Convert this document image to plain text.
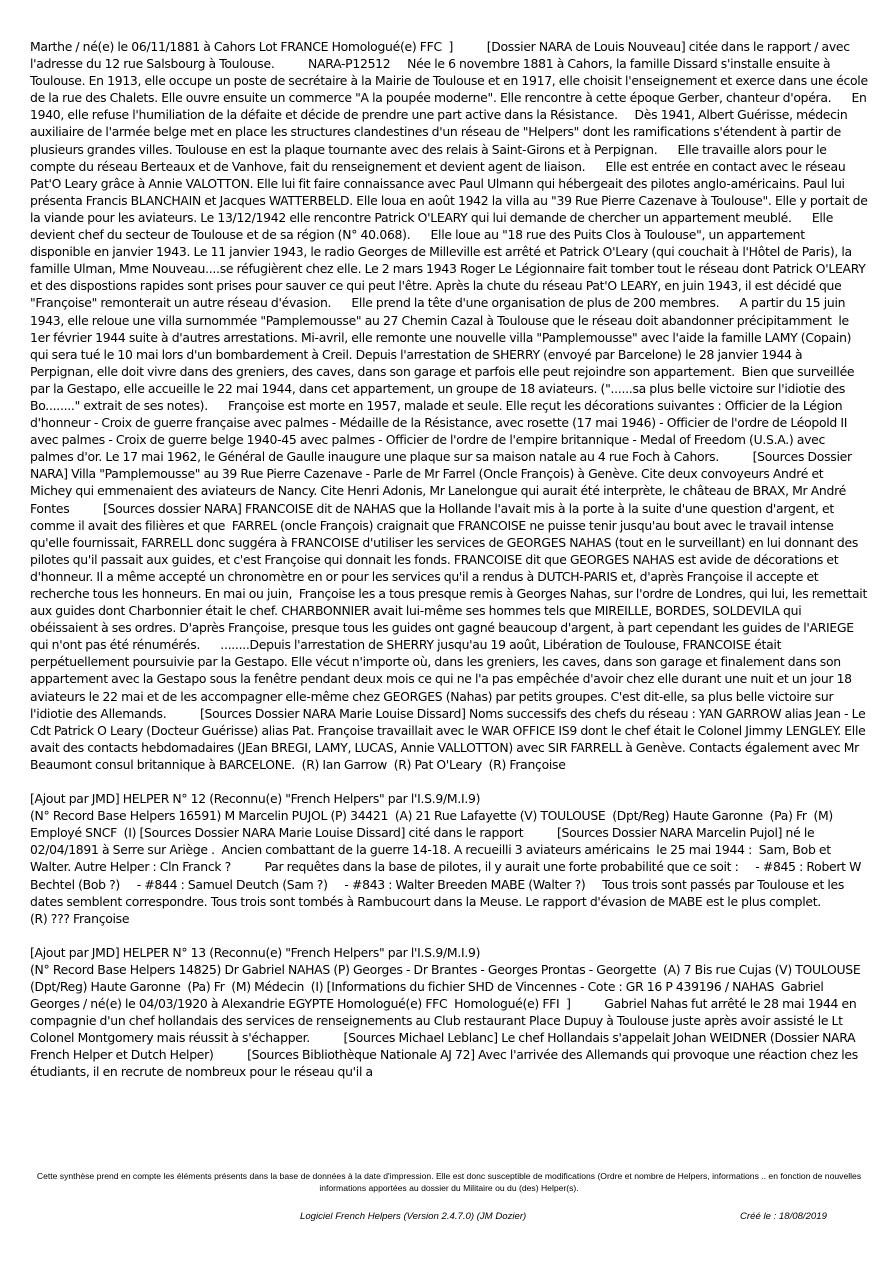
Marthe / né(e) le 06/11/1881 à Cahors Lot FRANCE Homologué(e) FFC  ]          [Dossier NARA de Louis Nouveau] citée dans le rapport / avec l'adresse du 12 rue Salsbourg à Toulouse.          NARA-P12512     Née le 6 novembre 1881 à Cahors, la famille Dissard s'installe ensuite à Toulouse. En 1913, elle occupe un poste de secrétaire à la Mairie de Toulouse et en 1917, elle choisit l'enseignement et exerce dans une école de la rue des Chalets. Elle ouvre ensuite un commerce "A la poupée moderne". Elle rencontre à cette époque Gerber, chanteur d'opéra.      En 1940, elle refuse l'humiliation de la défaite et décide de prendre une part active dans la Résistance.     Dès 1941, Albert Guérisse, médecin auxiliaire de l'armée belge met en place les structures clandestines d'un réseau de "Helpers" dont les ramifications s'étendent à partir de plusieurs grandes villes. Toulouse en est la plaque tournante avec des relais à Saint-Girons et à Perpignan.      Elle travaille alors pour le compte du réseau Berteaux et de Vanhove, fait du renseignement et devient agent de liaison.      Elle est entrée en contact avec le réseau Pat'O Leary grâce à Annie VALOTTON. Elle lui fit faire connaissance avec Paul Ulmann qui hébergeait des pilotes anglo-américains. Paul lui présenta Francis BLANCHAIN et Jacques WATTERBELD. Elle loua en août 1942 la villa au "39 Rue Pierre Cazenave à Toulouse". Elle y portait de la viande pour les aviateurs. Le 13/12/1942 elle rencontre Patrick O'LEARY qui lui demande de chercher un appartement meublé.      Elle devient chef du secteur de Toulouse et de sa région (N° 40.068).      Elle loue au "18 rue des Puits Clos à Toulouse", un appartement disponible en janvier 1943. Le 11 janvier 1943, le radio Georges de Milleville est arrêté et Patrick O'Leary (qui couchait à l'Hôtel de Paris), la famille Ulman, Mme Nouveau....se réfugièrent chez elle. Le 2 mars 1943 Roger Le Légionnaire fait tomber tout le réseau dont Patrick O'LEARY et des dispostions rapides sont prises pour sauver ce qui peut l'être. Après la chute du réseau Pat'O LEARY, en juin 1943, il est décidé que "Françoise" remonterait un autre réseau d'évasion.      Elle prend la tête d'une organisation de plus de 200 membres.      A partir du 15 juin 1943, elle reloue une villa surnommée "Pamplemousse" au 27 Chemin Cazal à Toulouse que le réseau doit abandonner précipitamment  le 1er février 1944 suite à d'autres arrestations. Mi-avril, elle remonte une nouvelle villa "Pamplemousse" avec l'aide la famille LAMY (Copain) qui sera tué le 10 mai lors d'un bombardement à Creil. Depuis l'arrestation de SHERRY (envoyé par Barcelone) le 28 janvier 1944 à Perpignan, elle doit vivre dans des greniers, des caves, dans son garage et parfois elle peut rejoindre son appartement.  Bien que surveillée par la Gestapo, elle accueille le 22 mai 1944, dans cet appartement, un groupe de 18 aviateurs. ("......sa plus belle victoire sur l'idiotie des Bo........" extrait de ses notes).      Françoise est morte en 1957, malade et seule. Elle reçut les décorations suivantes : Officier de la Légion d'honneur - Croix de guerre française avec palmes - Médaille de la Résistance, avec rosette (17 mai 1946) - Officier de l'ordre de Léopold II avec palmes - Croix de guerre belge 1940-45 avec palmes - Officier de l'ordre de l'empire britannique - Medal of Freedom (U.S.A.) avec palmes d'or. Le 17 mai 1962, le Général de Gaulle inaugure une plaque sur sa maison natale au 4 rue Foch à Cahors.          [Sources Dossier NARA] Villa "Pamplemousse" au 39 Rue Pierre Cazenave - Parle de Mr Farrel (Oncle François) à Genève. Cite deux convoyeurs André et Michey qui emmenaient des aviateurs de Nancy. Cite Henri Adonis, Mr Lanelongue qui aurait été interprète, le château de BRAX, Mr André Fontes          [Sources dossier NARA] FRANCOISE dit de NAHAS que la Hollande l'avait mis à la porte à la suite d'une question d'argent, et comme il avait des filières et que  FARREL (oncle François) craignait que FRANCOISE ne puisse tenir jusqu'au bout avec le travail intense qu'elle fournissait, FARRELL donc suggéra à FRANCOISE d'utiliser les services de GEORGES NAHAS (tout en le surveillant) en lui donnant des pilotes qu'il passait aux guides, et c'est Françoise qui donnait les fonds. FRANCOISE dit que GEORGES NAHAS est avide de décorations et d'honneur. Il a même accepté un chronomètre en or pour les services qu'il a rendus à DUTCH-PARIS et, d'après Françoise il accepte et recherche tous les honneurs. En mai ou juin,  Françoise les a tous presque remis à Georges Nahas, sur l'ordre de Londres, qui lui, les remettait aux guides dont Charbonnier était le chef. CHARBONNIER avait lui-même ses hommes tels que MIREILLE, BORDES, SOLDEVILA qui obéissaient à ses ordres. D'après Françoise, presque tous les guides ont gagné beaucoup d'argent, à part cependant les guides de l'ARIEGE qui n'ont pas été rénumérés.      ........Depuis l'arrestation de SHERRY jusqu'au 19 août, Libération de Toulouse, FRANCOISE était perpétuellement poursuivie par la Gestapo. Elle vécut n'importe où, dans les greniers, les caves, dans son garage et finalement dans son appartement avec la Gestapo sous la fenêtre pendant deux mois ce qui ne l'a pas empêchée d'avoir chez elle durant une nuit et un jour 18 aviateurs le 22 mai et de les accompagner elle-même chez GEORGES (Nahas) par petits groupes. C'est dit-elle, sa plus belle victoire sur l'idiotie des Allemands.          [Sources Dossier NARA Marie Louise Dissard] Noms successifs des chefs du réseau : YAN GARROW alias Jean - Le Cdt Patrick O Leary (Docteur Guérisse) alias Pat. Françoise travaillait avec le WAR OFFICE IS9 dont le chef était le Colonel Jimmy LENGLEY. Elle avait des contacts hebdomadaires (JEan BREGI, LAMY, LUCAS, Annie VALLOTTON) avec SIR FARRELL à Genève. Contacts également avec Mr Beaumont consul britannique à BARCELONE.  (R) Ian Garrow  (R) Pat O'Leary  (R) Françoise

[Ajout par JMD] HELPER N° 12 (Reconnu(e) "French Helpers" par l'I.S.9/M.I.9)
(N° Record Base Helpers 16591) M Marcelin PUJOL (P) 34421  (A) 21 Rue Lafayette (V) TOULOUSE  (Dpt/Reg) Haute Garonne  (Pa) Fr  (M) Employé SNCF  (I) [Sources Dossier NARA Marie Louise Dissard] cité dans le rapport          [Sources Dossier NARA Marcelin Pujol] né le 02/04/1891 à Serre sur Ariège .  Ancien combattant de la guerre 14-18. A recueilli 3 aviateurs américains  le 25 mai 1944 :  Sam, Bob et Walter. Autre Helper : Cln Franck ?          Par requêtes dans la base de pilotes, il y aurait une forte probabilité que ce soit :     - #845 : Robert W Bechtel (Bob ?)     - #844 : Samuel Deutch (Sam ?)     - #843 : Walter Breeden MABE (Walter ?)     Tous trois sont passés par Toulouse et les dates semblent correspondre. Tous trois sont tombés à Rambucourt dans la Meuse. Le rapport d'évasion de MABE est le plus complet.          (R) ??? Françoise

[Ajout par JMD] HELPER N° 13 (Reconnu(e) "French Helpers" par l'I.S.9/M.I.9)
(N° Record Base Helpers 14825) Dr Gabriel NAHAS (P) Georges - Dr Brantes - Georges Prontas - Georgette  (A) 7 Bis rue Cujas (V) TOULOUSE  (Dpt/Reg) Haute Garonne  (Pa) Fr  (M) Médecin  (I) [Informations du fichier SHD de Vincennes - Cote : GR 16 P 439196 / NAHAS  Gabriel Georges / né(e) le 04/03/1920 à Alexandrie EGYPTE Homologué(e) FFC  Homologué(e) FFI  ]          Gabriel Nahas fut arrêté le 28 mai 1944 en compagnie d'un chef hollandais des services de renseignements au Club restaurant Place Dupuy à Toulouse juste après avoir assisté le Lt Colonel Montgomery mais réussit à s'échapper.          [Sources Michael Leblanc] Le chef Hollandais s'appelait Johan WEIDNER (Dossier NARA French Helper et Dutch Helper)          [Sources Bibliothèque Nationale AJ 72] Avec l'arrivée des Allemands qui provoque une réaction chez les étudiants, il en recrute de nombreux pour le réseau qu'il a

Cette synthèse prend en compte les éléments présents dans la base de données à la date d'impression. Elle est donc susceptible de modifications (Ordre et nombre de Helpers, informations .. en fonction de nouvelles informations apportées au dossier du Militaire ou du (des) Helper(s).
Logiciel French Helpers (Version 2.4.7.0) (JM Dozier)	Créé le : 18/08/2019
